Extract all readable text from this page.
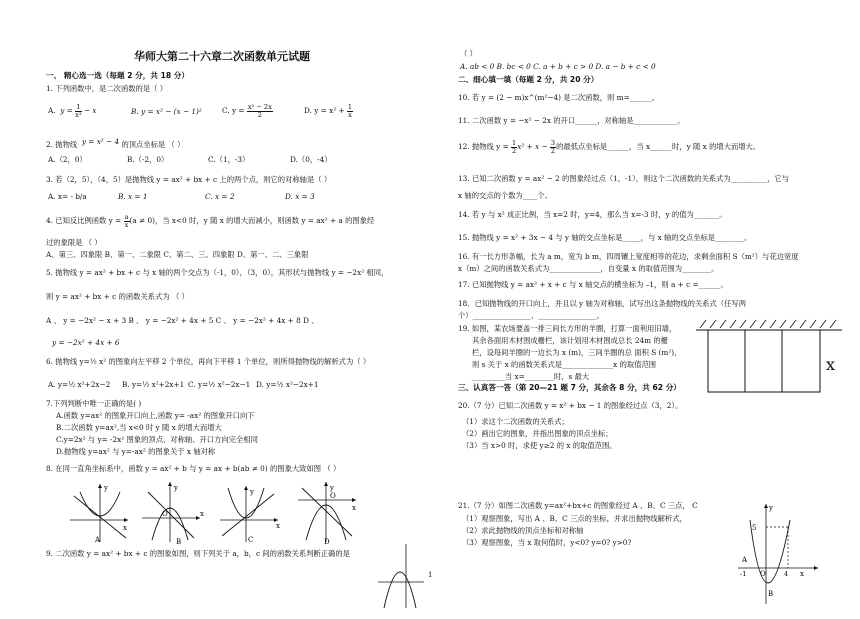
华师大第二十六章二次函数单元试题
一、 精心选一选（每题 2 分，共 18 分）
1. 下列函数中，是二次函数的是（ ）
A. $y = \frac{1}{\text{x²}} - x$	B. y = x² − (x − 1)²	C. $y = \frac{\text{x² − 2x}}{2}$	D. $y = x^2 + \frac{1}{x}$
2. 抛物线 y = x² − 4 的顶点坐标是 （ ）
A.（2，0）	B.（-2，0）	C.（1，-3）	D.（0，-4）
3. 若（2，5），（4，5）是抛物线 y = ax² + bx + c 上的两个点，则它的对称轴是（ ）
A. x= - b/a	B. x = 1	C. x = 2	D. x = 3
4. 已知反比例函数 $y = \frac{a}{x} (a \ne 0)$，当 x<0 时，y 随 x 的增大而减小，则函数 y = ax² + a 的图象经
过的象限是 （ ）
A、第三、四象限 B、第一、二象限 C、第二、三、四象限 D、第一、二、三象限
5. 抛物线 y = ax² + bx + c 与 x 轴的两个交点为（-1，0），（3，0），其形状与抛物线 y = −2x² 相同，
则 y = ax² + bx + c 的函数关系式为 （ ）
A 、 y = −2x² − x + 3 B 、 y = −2x² + 4x + 5 C 、 y = −2x² + 4x + 8 D 、
y = −2x² + 4x + 6
6. 抛物线 y=½ x² 的图象向左平移 2 个单位，再向下平移 1 个单位，则所得抛物线的解析式为（ ）
A. y=½ x²+2x−2 B. y=½ x²+2x+1 C. y=½ x²−2x−1 D. y=½ x²−2x+1
7.下列判断中唯一正确的是( )
A.函数 y=ax² 的图象开口向上,函数 y= -ax² 的图象开口向下
B.二次函数 y=ax²,当 x<0 时 y 随 x 的增大而增大
C.y=2x² 与 y= -2x² 图象的顶点、对称轴、开口方向完全相同
D.抛物线 y=ax² 与 y=-ax² 的图象关于 x 轴对称
8. 在同一直角坐标系中，函数 y = ax² + b 与 y = ax + b(ab ≠ 0) 的图象大致如图 （ ）
y
x
A
y
O	x
B
y
x
C
y
O
x
D
9. 二次函数 y = ax² + bx + c 的图象如图，则下列关于 a，b，c 间的函数关系判断正确的是
1
（ ）
A. ab < 0 B. bc < 0 C. a + b + c > 0 D. a − b + c < 0
二、细心填一填（每题 2 分，共 20 分）
10. 若 y = (2 − m)x^(m²−4) 是二次函数，则 m=______。
11. 二次函数 y = −x² − 2x 的开口______，对称轴是____________。
12. 抛物线 $y = \frac{1}{2} x^2 + x - \frac{3}{2}$ 的最低点坐标是______，当 x______时，y 随 x 的增大而增大。
13. 已知二次函数 y = ax² − 2 的图象经过点（1，-1），则这个二次函数的关系式为__________，它与
x 轴的交点的个数为____个。
14. 若 y 与 x² 成正比例，当 x=2 时，y=4，那么当 x=-3 时，y 的值为_______。
15. 抛物线 y = x² + 3x − 4 与 y 轴的交点坐标是_____，与 x 轴的交点坐标是________。
16. 有一长方形条幅，长为 a m，宽为 b m，四周镶上宽度相等的花边，求剩余面积 S（m²）与花边宽度
x（m）之间的函数关系式为______________，自变量 x 的取值范围为________。
17. 已知抛物线 y = ax² + x + c 与 x 轴交点的横坐标为 –1，则 a + c =______。
18．已知抛物线的开口向上，并且以 y 轴为对称轴，试写出这条抛物线的关系式（任写两
个）________________、________________。
19. 如图，某农场要盖一排三间长方形的羊圈，打算一面利用旧墙，
其余各面用木材围成栅栏，该计划用木材围成总长 24m 的栅
栏，设每间羊圈的一边长为 x (m)，三间羊圈的总 面积 S (m²)，
则 s 关于 x 的函数关系式是______________x 的取值范围
_________当 x=________时，s 最大
x
三、认真答一答（第 20—21 题 7 分，其余各 8 分，共 62 分）
20.（7 分）已知二次函数 y = x² + bx − 1 的图象经过点（3，2）。
（1）求这个二次函数的关系式；
（2）画出它的图象，并指出图象的顶点坐标；
（3）当 x>0 时，求使 y≥2 的 x 的取值范围。
21.（7 分）如图二次函数 y=ax²+bx+c 的图象经过 A 、B、C 三点， C
（1）观察图象，写出 A 、B、C 三点的坐标，并求出抛物线解析式，
（2）求此抛物线的顶点坐标和对称轴
（3）观察图象，当 x 取何值时，y<0? y=0? y>0?
5
y
A
-1 O	4 x
B
